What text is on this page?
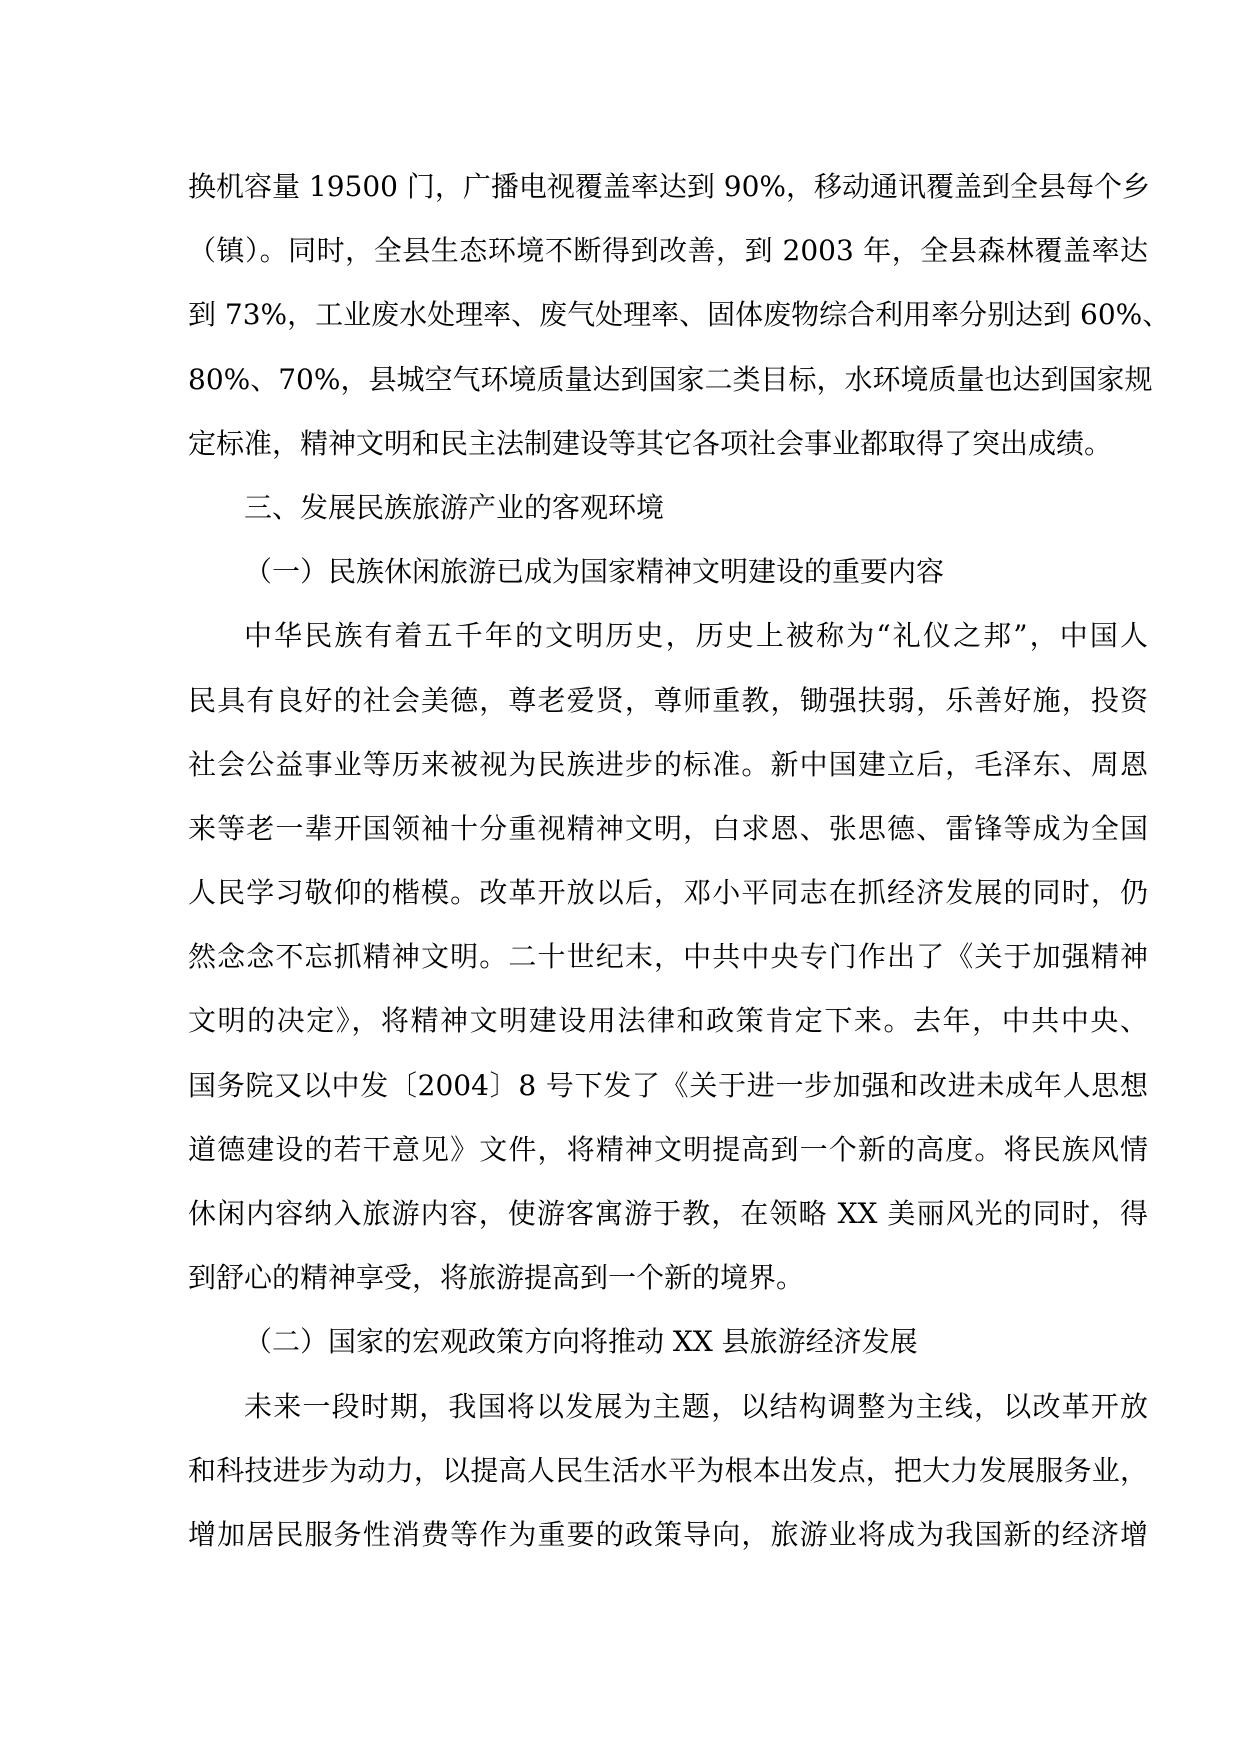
换机容量 19500 门，广播电视覆盖率达到 90%，移动通讯覆盖到全县每个乡
（镇）。同时，全县生态环境不断得到改善，到 2003 年，全县森林覆盖率达
到 73%，工业废水处理率、废气处理率、固体废物综合利用率分别达到 60%、
80%、70%，县城空气环境质量达到国家二类目标，水环境质量也达到国家规
定标准，精神文明和民主法制建设等其它各项社会事业都取得了突出成绩。
三、发展民族旅游产业的客观环境
（一）民族休闲旅游已成为国家精神文明建设的重要内容
中华民族有着五千年的文明历史，历史上被称为“礼仪之邦”，中国人
民具有良好的社会美德，尊老爱贤，尊师重教，锄强扶弱，乐善好施，投资
社会公益事业等历来被视为民族进步的标准。新中国建立后，毛泽东、周恩
来等老一辈开国领袖十分重视精神文明，白求恩、张思德、雷锋等成为全国
人民学习敬仰的楷模。改革开放以后，邓小平同志在抓经济发展的同时，仍
然念念不忘抓精神文明。二十世纪末，中共中央专门作出了《关于加强精神
文明的决定》，将精神文明建设用法律和政策肯定下来。去年，中共中央、
国务院又以中发〔2004〕8 号下发了《关于进一步加强和改进未成年人思想
道德建设的若干意见》文件，将精神文明提高到一个新的高度。将民族风情
休闲内容纳入旅游内容，使游客寓游于教，在领略 XX 美丽风光的同时，得
到舒心的精神享受，将旅游提高到一个新的境界。
（二）国家的宏观政策方向将推动 XX 县旅游经济发展
未来一段时期，我国将以发展为主题，以结构调整为主线，以改革开放
和科技进步为动力，以提高人民生活水平为根本出发点，把大力发展服务业，
增加居民服务性消费等作为重要的政策导向，旅游业将成为我国新的经济增
